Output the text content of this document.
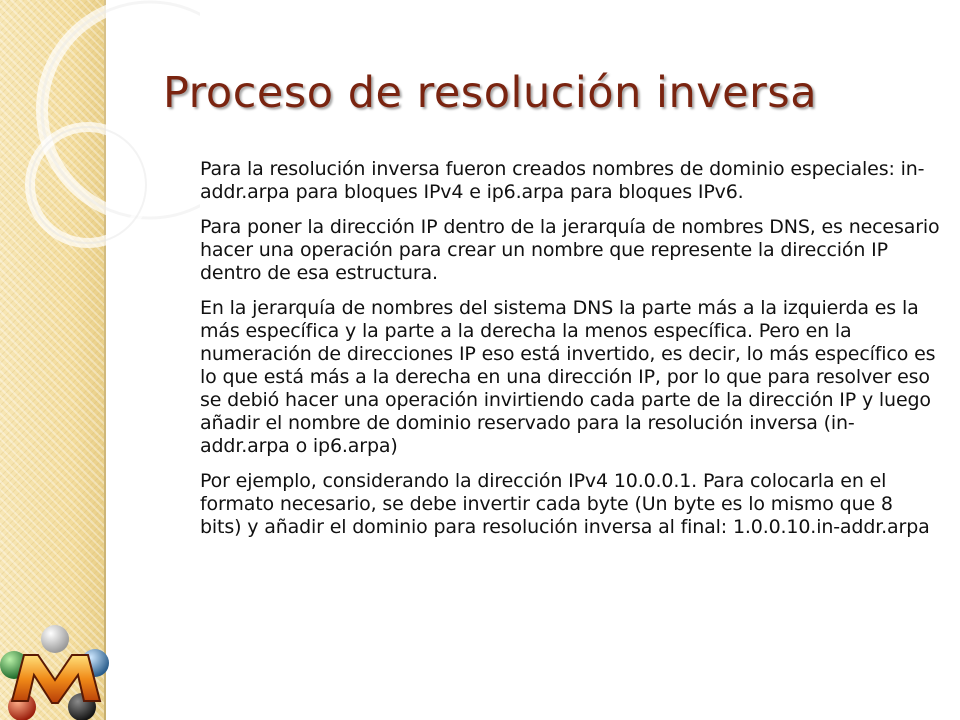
Proceso de resolución inversa

Para la resolución inversa fueron creados nombres de dominio especiales: in-addr.arpa para bloques IPv4 e ip6.arpa para bloques IPv6.

Para poner la dirección IP dentro de la jerarquía de nombres DNS, es necesario hacer una operación para crear un nombre que represente la dirección IP dentro de esa estructura.

En la jerarquía de nombres del sistema DNS la parte más a la izquierda es la más específica y la parte a la derecha la menos específica. Pero en la numeración de direcciones IP eso está invertido, es decir, lo más específico es lo que está más a la derecha en una dirección IP, por lo que para resolver eso se debió hacer una operación invirtiendo cada parte de la dirección IP y luego añadir el nombre de dominio reservado para la resolución inversa (in-addr.arpa o ip6.arpa)

Por ejemplo, considerando la dirección IPv4 10.0.0.1. Para colocarla en el formato necesario, se debe invertir cada byte (Un byte es lo mismo que 8 bits) y añadir el dominio para resolución inversa al final: 1.0.0.10.in-addr.arpa
